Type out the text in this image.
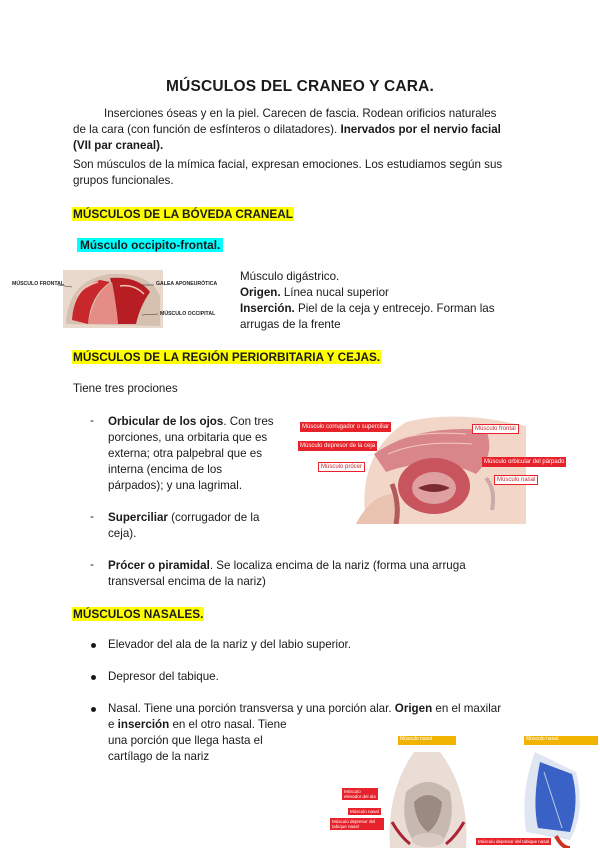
MÚSCULOS DEL CRANEO Y CARA.
Inserciones óseas y en la piel. Carecen de fascia. Rodean orificios naturales
de la cara (con función de esfínteros o dilatadores). Inervados por el nervio facial
(VII par craneal).
Son músculos de la mímica facial, expresan emociones. Los estudiamos según sus
grupos funcionales.
MÚSCULOS DE LA BÓVEDA CRANEAL
Músculo occipito-frontal.
MÚSCULO FRONTAL	GALEA APONEURÓTICA
MÚSCULO OCCIPITAL
Músculo digástrico.
Origen. Línea nucal superior
Inserción. Piel de la ceja y entrecejo. Forman las
arrugas de la frente
MÚSCULOS DE LA REGIÓN PERIORBITARIA Y CEJAS.
Tiene tres prociones
- Orbicular de los ojos. Con tres
porciones, una orbitaria que es
externa; otra palpebral que es
interna (encima de los
párpados); y una lagrimal.
- Superciliar (corrugador de la
ceja).
- Prócer o piramidal. Se localiza encima de la nariz (forma una arruga
transversal encima de la nariz)
Músculo corrugador o superciliar
Músculo depresor de la ceja
Músculo prócer
Músculo frontal
Músculo orbicular del párpado
Músculo nasal
MÚSCULOS NASALES.
Elevador del ala de la nariz y del labio superior.
Depresor del tabique.
Nasal. Tiene una porción transversa y una porción alar. Origen en el maxilar
e inserción en el otro nasal. Tiene
una porción que llega hasta el
cartílago de la nariz
Músculo nasal	Músculo nasal
Músculo elevador del ala
Músculo nasal
Músculo depresor del tabique nasal
Músculo depresor del tabique nasal
